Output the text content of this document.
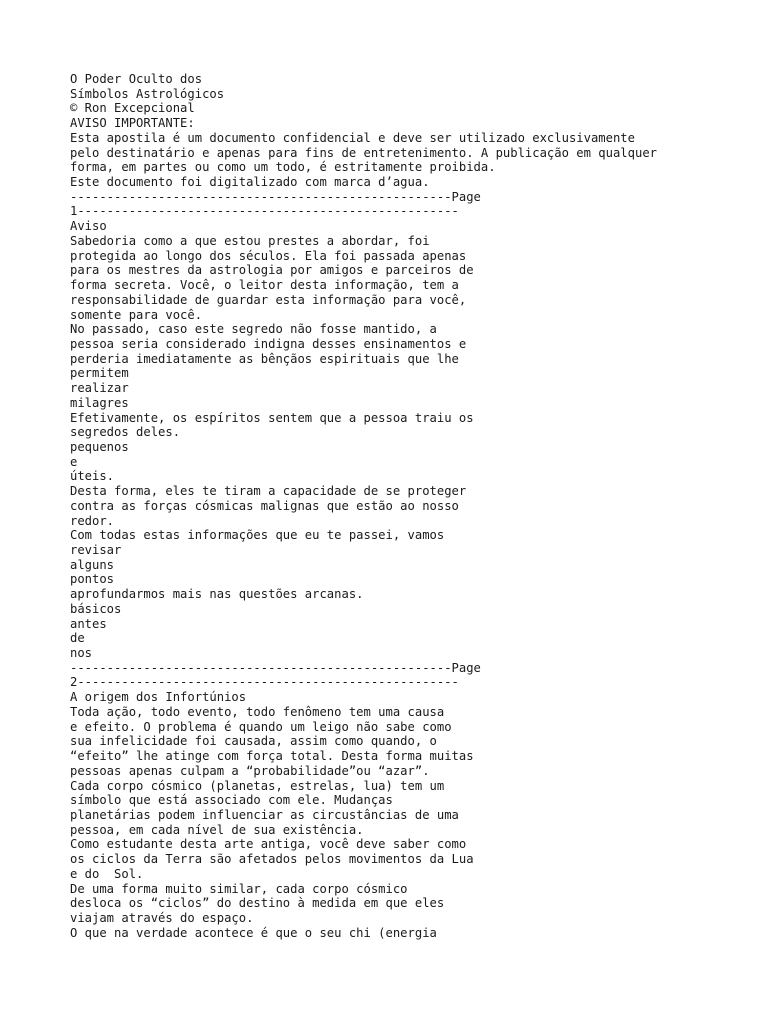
O Poder Oculto dos
Símbolos Astrológicos
© Ron Excepcional
AVISO IMPORTANTE:
Esta apostila é um documento confidencial e deve ser utilizado exclusivamente
pelo destinatário e apenas para fins de entretenimento. A publicação em qualquer
forma, em partes ou como um todo, é estritamente proibida.
Este documento foi digitalizado com marca d’agua.
----------------------------------------------------Page
1----------------------------------------------------
Aviso
Sabedoria como a que estou prestes a abordar, foi
protegida ao longo dos séculos. Ela foi passada apenas
para os mestres da astrologia por amigos e parceiros de
forma secreta. Você, o leitor desta informação, tem a
responsabilidade de guardar esta informação para você,
somente para você.
No passado, caso este segredo não fosse mantido, a
pessoa seria considerado indigna desses ensinamentos e
perderia imediatamente as bênçãos espirituais que lhe
permitem
realizar
milagres
Efetivamente, os espíritos sentem que a pessoa traiu os
segredos deles.
pequenos
e
úteis.
Desta forma, eles te tiram a capacidade de se proteger
contra as forças cósmicas malignas que estão ao nosso
redor.
Com todas estas informações que eu te passei, vamos
revisar
alguns
pontos
aprofundarmos mais nas questões arcanas.
básicos
antes
de
nos
----------------------------------------------------Page
2----------------------------------------------------
A origem dos Infortúnios
Toda ação, todo evento, todo fenômeno tem uma causa
e efeito. O problema é quando um leigo não sabe como
sua infelicidade foi causada, assim como quando, o
“efeito” lhe atinge com força total. Desta forma muitas
pessoas apenas culpam a “probabilidade”ou “azar”.
Cada corpo cósmico (planetas, estrelas, lua) tem um
símbolo que está associado com ele. Mudanças
planetárias podem influenciar as circustâncias de uma
pessoa, em cada nível de sua existência.
Como estudante desta arte antiga, você deve saber como
os ciclos da Terra são afetados pelos movimentos da Lua
e do  Sol.
De uma forma muito similar, cada corpo cósmico
desloca os “ciclos” do destino à medida em que eles
viajam através do espaço.
O que na verdade acontece é que o seu chi (energia
